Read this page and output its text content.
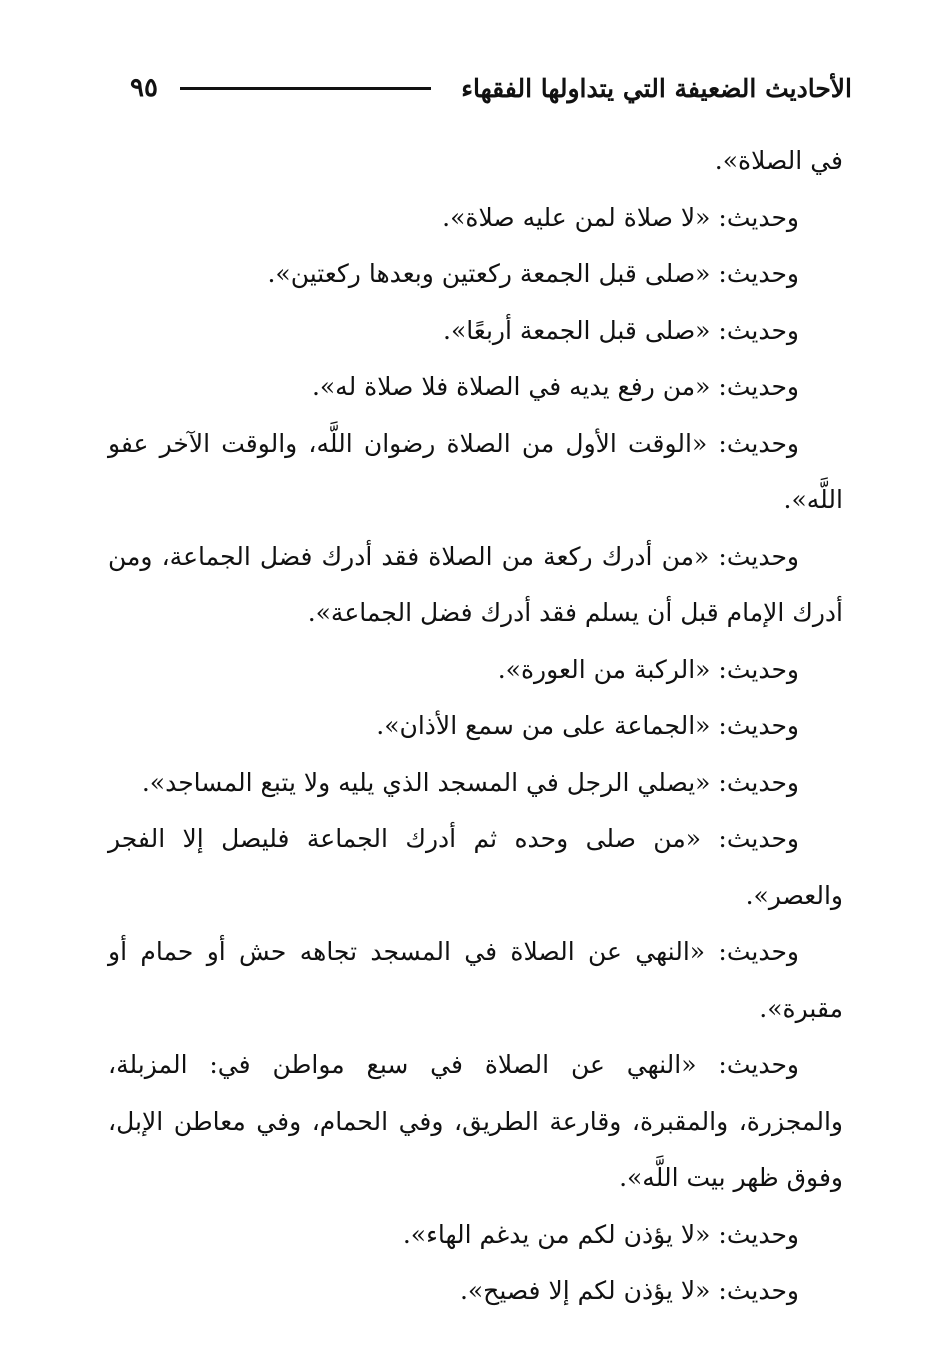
الأحاديث الضعيفة التي يتداولها الفقهاء
٩٥

في الصلاة».

وحديث: «لا صلاة لمن عليه صلاة».

وحديث: «صلى قبل الجمعة ركعتين وبعدها ركعتين».

وحديث: «صلى قبل الجمعة أربعًا».

وحديث: «من رفع يديه في الصلاة فلا صلاة له».

وحديث: «الوقت الأول من الصلاة رضوان اللَّه، والوقت الآخر عفو اللَّه».

وحديث: «من أدرك ركعة من الصلاة فقد أدرك فضل الجماعة، ومن أدرك الإمام قبل أن يسلم فقد أدرك فضل الجماعة».

وحديث: «الركبة من العورة».

وحديث: «الجماعة على من سمع الأذان».

وحديث: «يصلي الرجل في المسجد الذي يليه ولا يتبع المساجد».

وحديث: «من صلى وحده ثم أدرك الجماعة فليصل إلا الفجر والعصر».

وحديث: «النهي عن الصلاة في المسجد تجاهه حش أو حمام أو مقبرة».

وحديث: «النهي عن الصلاة في سبع مواطن في: المزبلة، والمجزرة، والمقبرة، وقارعة الطريق، وفي الحمام، وفي معاطن الإبل، وفوق ظهر بيت اللَّه».

وحديث: «لا يؤذن لكم من يدغم الهاء».

وحديث: «لا يؤذن لكم إلا فصيح».
